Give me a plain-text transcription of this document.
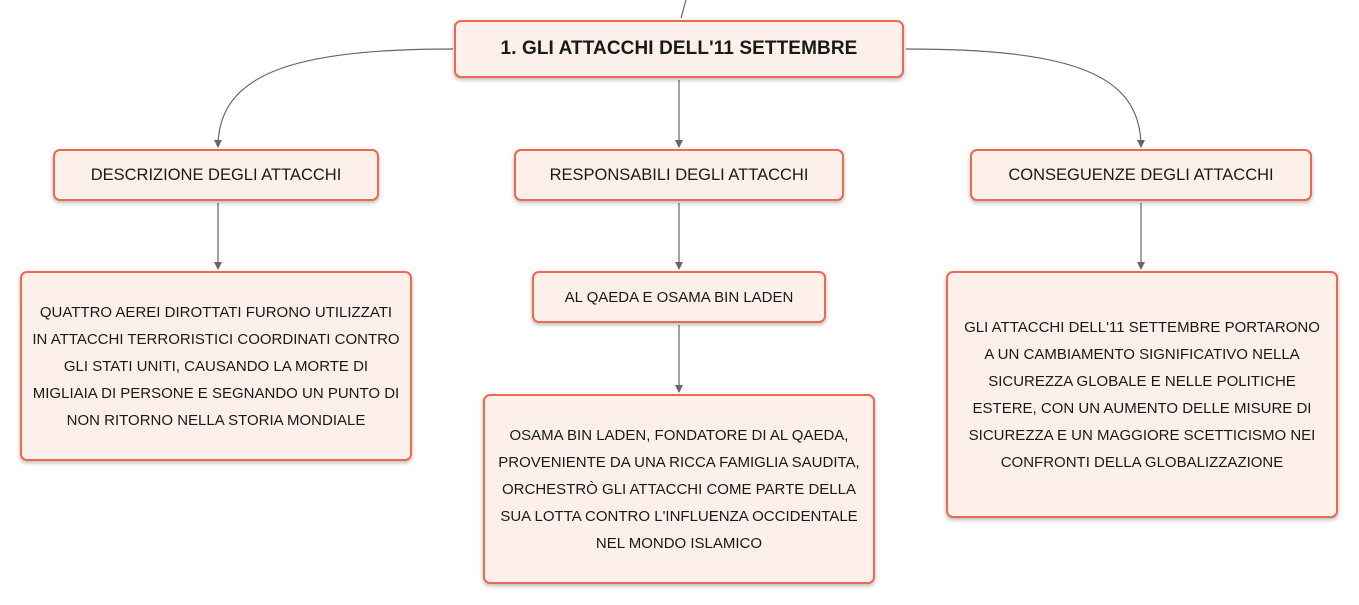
1. GLI ATTACCHI DELL'11 SETTEMBRE
DESCRIZIONE DEGLI ATTACCHI	RESPONSABILI DEGLI ATTACCHI	CONSEGUENZE DEGLI ATTACCHI
QUATTRO AEREI DIROTTATI FURONO UTILIZZATI IN ATTACCHI TERRORISTICI COORDINATI CONTRO GLI STATI UNITI, CAUSANDO LA MORTE DI MIGLIAIA DI PERSONE E SEGNANDO UN PUNTO DI NON RITORNO NELLA STORIA MONDIALE
AL QAEDA E OSAMA BIN LADEN
OSAMA BIN LADEN, FONDATORE DI AL QAEDA, PROVENIENTE DA UNA RICCA FAMIGLIA SAUDITA, ORCHESTRÒ GLI ATTACCHI COME PARTE DELLA SUA LOTTA CONTRO L'INFLUENZA OCCIDENTALE NEL MONDO ISLAMICO
GLI ATTACCHI DELL'11 SETTEMBRE PORTARONO A UN CAMBIAMENTO SIGNIFICATIVO NELLA SICUREZZA GLOBALE E NELLE POLITICHE ESTERE, CON UN AUMENTO DELLE MISURE DI SICUREZZA E UN MAGGIORE SCETTICISMO NEI CONFRONTI DELLA GLOBALIZZAZIONE
